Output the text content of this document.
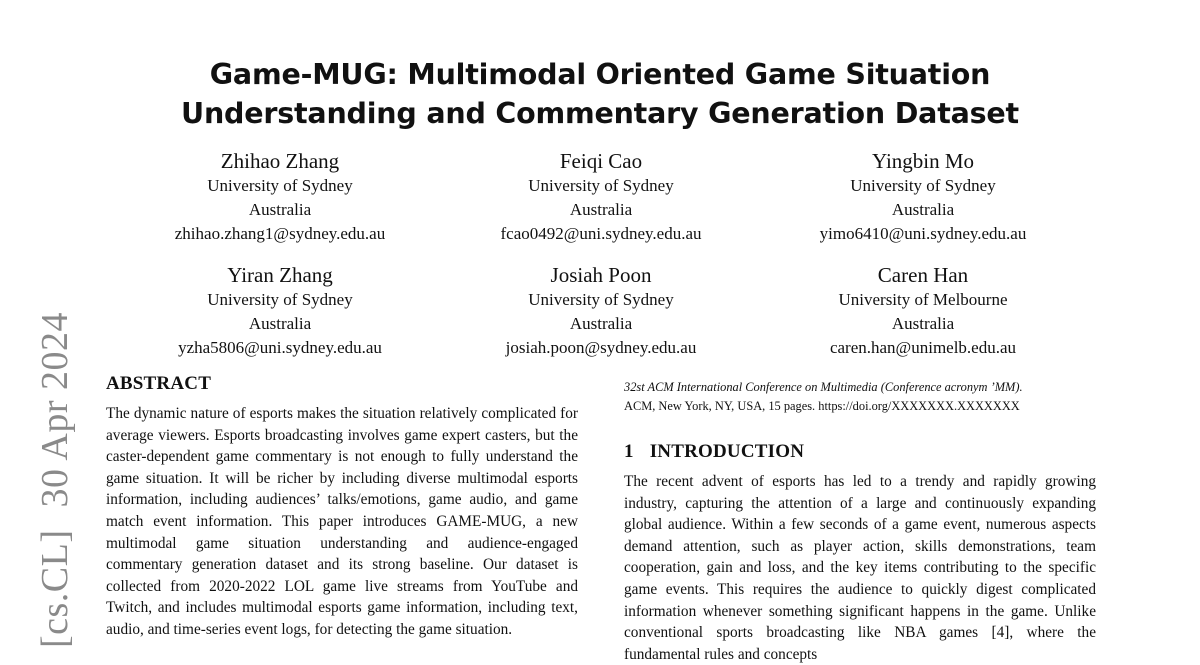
Game-MUG: Multimodal Oriented Game Situation
Understanding and Commentary Generation Dataset
Zhihao Zhang
University of Sydney
Australia
zhihao.zhang1@sydney.edu.au
Feiqi Cao
University of Sydney
Australia
fcao0492@uni.sydney.edu.au
Yingbin Mo
University of Sydney
Australia
yimo6410@uni.sydney.edu.au
Yiran Zhang
University of Sydney
Australia
yzha5806@uni.sydney.edu.au
Josiah Poon
University of Sydney
Australia
josiah.poon@sydney.edu.au
Caren Han
University of Melbourne
Australia
caren.han@unimelb.edu.au
[cs.CL]30 Apr 2024 ABSTRACT

The dynamic nature of esports makes the situation relatively complicated for average viewers. Esports broadcasting involves game expert casters, but the caster-dependent game commentary is not enough to fully understand the game situation. It will be richer by including diverse multimodal esports information, including audiences’ talks/emotions, game audio, and game match event information. This paper introduces GAME-MUG, a new multimodal game situation understanding and audience-engaged commentary generation dataset and its strong baseline. Our dataset is collected from 2020-2022 LOL game live streams from YouTube and Twitch, and includes multimodal esports game information, including text, audio, and time-series event logs, for detecting the game situation.

32st ACM International Conference on Multimedia (Conference acronym ’MM).
ACM, New York, NY, USA, 15 pages. https://doi.org/XXXXXXX.XXXXXXX
1 INTRODUCTION

The recent advent of esports has led to a trendy and rapidly growing industry, capturing the attention of a large and continuously expanding global audience. Within a few seconds of a game event, numerous aspects demand attention, such as player action, skills demonstrations, team cooperation, gain and loss, and the key items contributing to the specific game events. This requires the audience to quickly digest complicated information whenever something significant happens in the game. Unlike conventional sports broadcasting like NBA games [4], where the fundamental rules and concepts
